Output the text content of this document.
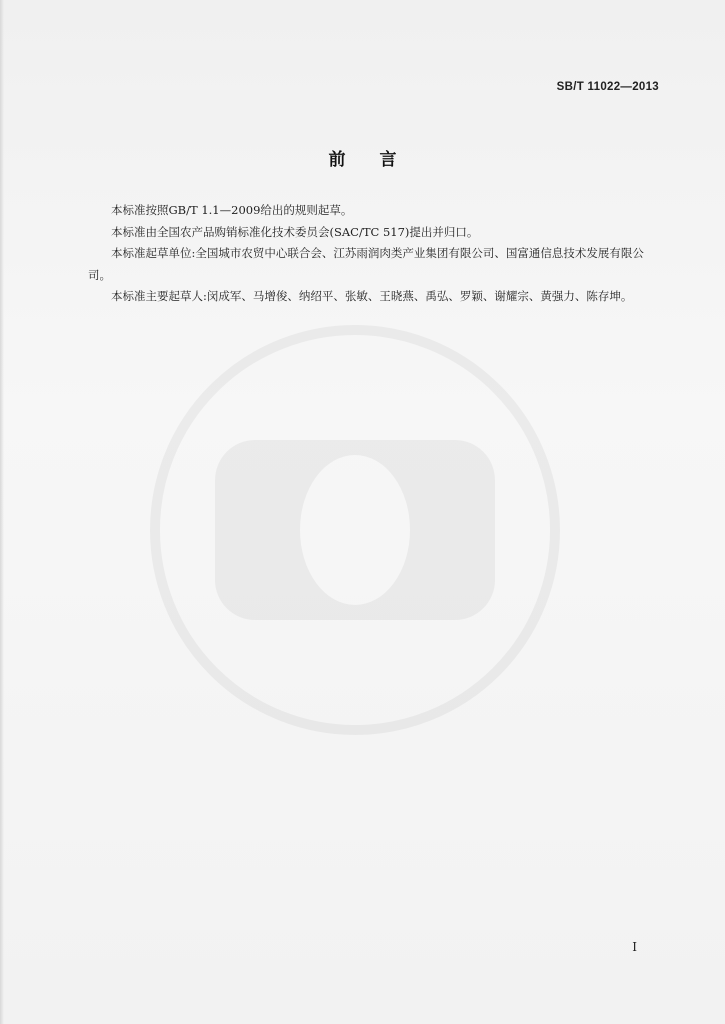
SB/T 11022—2013
前言

本标准按照GB/T 1.1—2009给出的规则起草。

本标准由全国农产品购销标准化技术委员会(SAC/TC 517)提出并归口。

本标准起草单位:全国城市农贸中心联合会、江苏雨润肉类产业集团有限公司、国富通信息技术发展有限公司。

本标准主要起草人:闵成军、马增俊、纳绍平、张敏、王晓燕、禹弘、罗颖、谢耀宗、黄强力、陈存坤。

I
